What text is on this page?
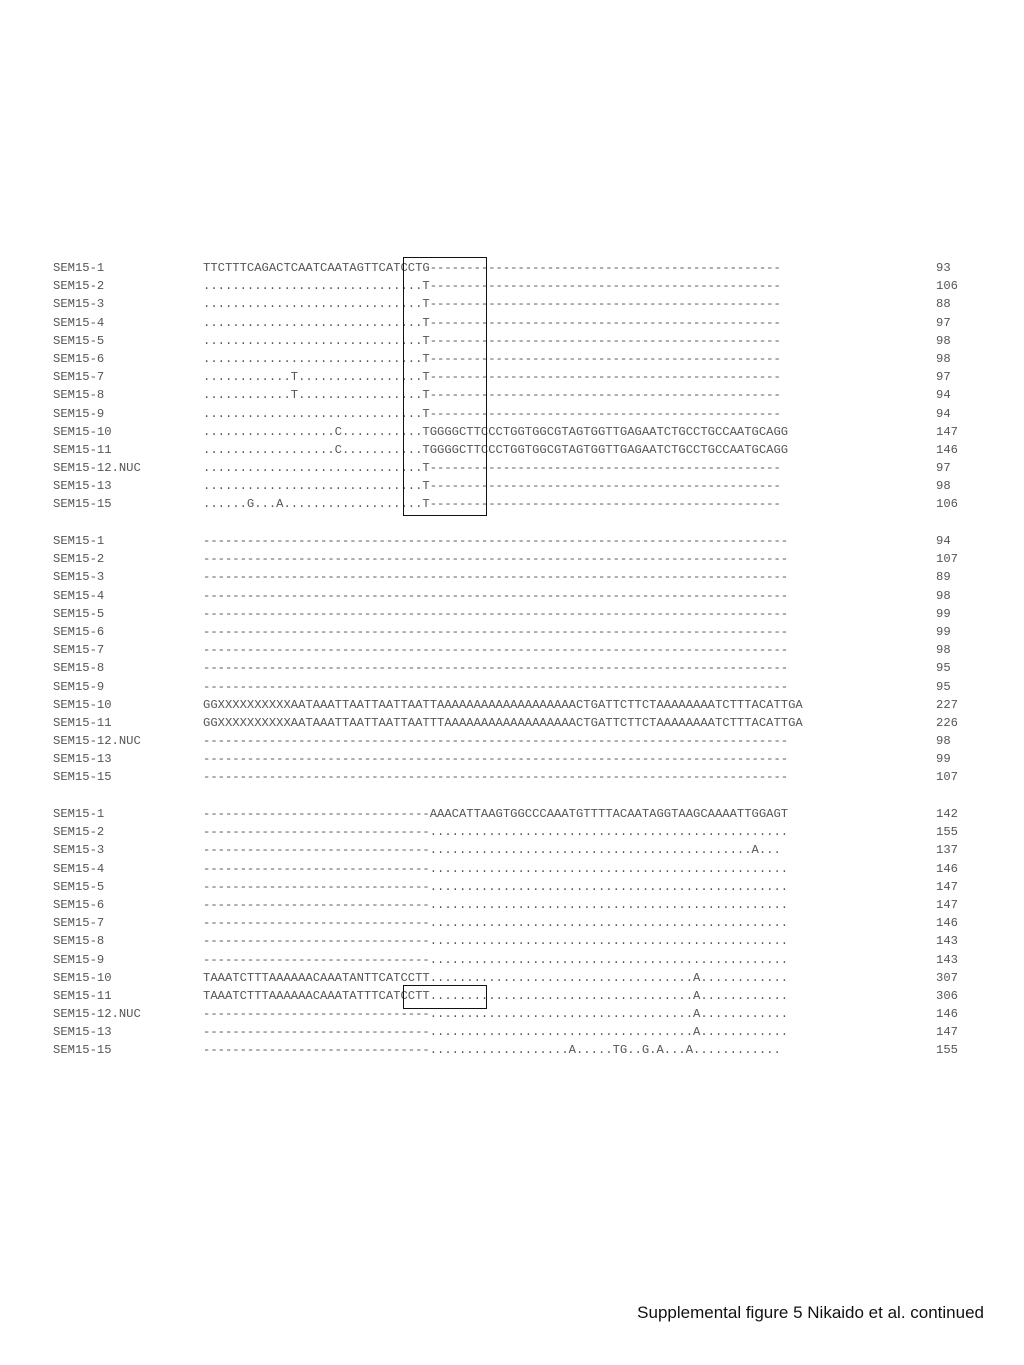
SEM15-1	TTCTTTCAGACTCAATCAATAGTTCATCCTG------------------------------------------------	93
SEM15-2	..............................T------------------------------------------------	106
SEM15-3	..............................T------------------------------------------------	88
SEM15-4	..............................T------------------------------------------------	97
SEM15-5	..............................T------------------------------------------------	98
SEM15-6	..............................T------------------------------------------------	98
SEM15-7	............T.................T------------------------------------------------	97
SEM15-8	............T.................T------------------------------------------------	94
SEM15-9	..............................T------------------------------------------------	94
SEM15-10	..................C...........TGGGGCTTCCCTGGTGGCGTAGTGGTTGAGAATCTGCCTGCCAATGCAGG	147
SEM15-11	..................C...........TGGGGCTTCCCTGGTGGCGTAGTGGTTGAGAATCTGCCTGCCAATGCAGG	146
SEM15-12.NUC	..............................T------------------------------------------------	97
SEM15-13	..............................T------------------------------------------------	98
SEM15-15	......G...A...................T------------------------------------------------	106
SEM15-1	--------------------------------------------------------------------------------	94
SEM15-2	--------------------------------------------------------------------------------	107
SEM15-3	--------------------------------------------------------------------------------	89
SEM15-4	--------------------------------------------------------------------------------	98
SEM15-5	--------------------------------------------------------------------------------	99
SEM15-6	--------------------------------------------------------------------------------	99
SEM15-7	--------------------------------------------------------------------------------	98
SEM15-8	--------------------------------------------------------------------------------	95
SEM15-9	--------------------------------------------------------------------------------	95
SEM15-10	GGXXXXXXXXXXAATAAATTAATTAATTAATTAAAAAAAAAAAAAAAAAAACTGATTCTTCTAAAAAAAATCTTTACATTGA	227
SEM15-11	GGXXXXXXXXXXAATAAATTAATTAATTAATTTAAAAAAAAAAAAAAAAAACTGATTCTTCTAAAAAAAATCTTTACATTGA	226
SEM15-12.NUC	--------------------------------------------------------------------------------	98
SEM15-13	--------------------------------------------------------------------------------	99
SEM15-15	--------------------------------------------------------------------------------	107
SEM15-1	-------------------------------AAACATTAAGTGGCCCAAATGTTTTACAATAGGTAAGCAAAATTGGAGT	142
SEM15-2	-------------------------------.................................................	155
SEM15-3	-------------------------------............................................A...	137
SEM15-4	-------------------------------.................................................	146
SEM15-5	-------------------------------.................................................	147
SEM15-6	-------------------------------.................................................	147
SEM15-7	-------------------------------.................................................	146
SEM15-8	-------------------------------.................................................	143
SEM15-9	-------------------------------.................................................	143
SEM15-10	TAAATCTTTAAAAAACAAATANTTCATCCTT....................................A............	307
SEM15-11	TAAATCTTTAAAAAACAAATATTTCATCCTT....................................A............	306
SEM15-12.NUC	-------------------------------....................................A............	146
SEM15-13	-------------------------------....................................A............	147
SEM15-15	-------------------------------...................A.....TG..G.A...A............	155
Supplemental figure 5 Nikaido et al. continued
